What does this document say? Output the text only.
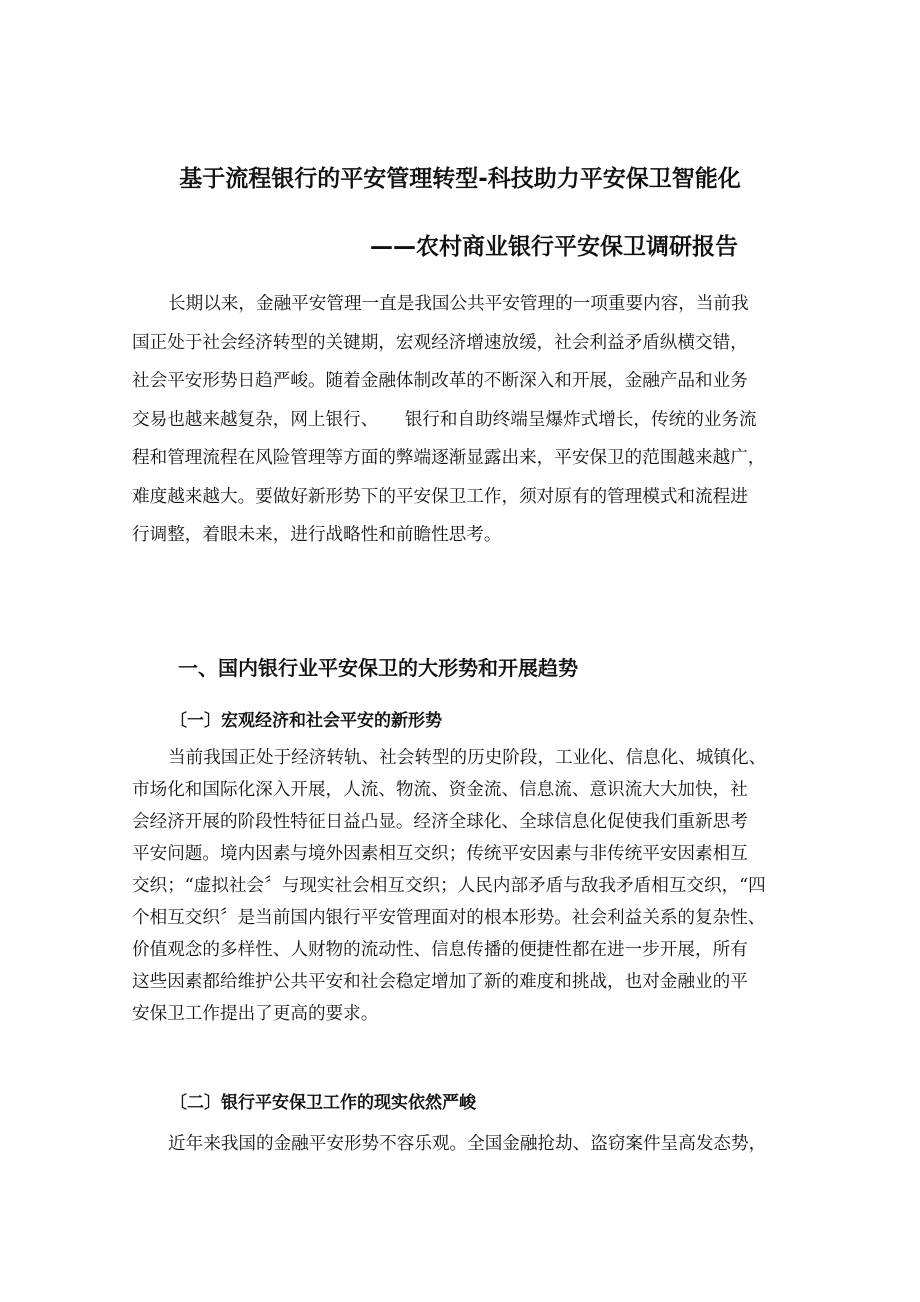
基于流程银行的平安管理转型-科技助力平安保卫智能化
——农村商业银行平安保卫调研报告
长期以来，金融平安管理一直是我国公共平安管理的一项重要内容，当前我
国正处于社会经济转型的关键期，宏观经济增速放缓，社会利益矛盾纵横交错，
社会平安形势日趋严峻。随着金融体制改革的不断深入和开展，金融产品和业务
交易也越来越复杂，网上银行、　　银行和自助终端呈爆炸式增长，传统的业务流
程和管理流程在风险管理等方面的弊端逐渐显露出来，平安保卫的范围越来越广，
难度越来越大。要做好新形势下的平安保卫工作，须对原有的管理模式和流程进
行调整，着眼未来，进行战略性和前瞻性思考。
一、国内银行业平安保卫的大形势和开展趋势
〔一〕宏观经济和社会平安的新形势
当前我国正处于经济转轨、社会转型的历史阶段，工业化、信息化、城镇化、
市场化和国际化深入开展，人流、物流、资金流、信息流、意识流大大加快，社
会经济开展的阶段性特征日益凸显。经济全球化、全球信息化促使我们重新思考
平安问题。境内因素与境外因素相互交织；传统平安因素与非传统平安因素相互
交织；“虚拟社会〞与现实社会相互交织；人民内部矛盾与敌我矛盾相互交织，“四
个相互交织〞是当前国内银行平安管理面对的根本形势。社会利益关系的复杂性、
价值观念的多样性、人财物的流动性、信息传播的便捷性都在进一步开展，所有
这些因素都给维护公共平安和社会稳定增加了新的难度和挑战，也对金融业的平
安保卫工作提出了更高的要求。
〔二〕银行平安保卫工作的现实依然严峻
近年来我国的金融平安形势不容乐观。全国金融抢劫、盗窃案件呈高发态势，
